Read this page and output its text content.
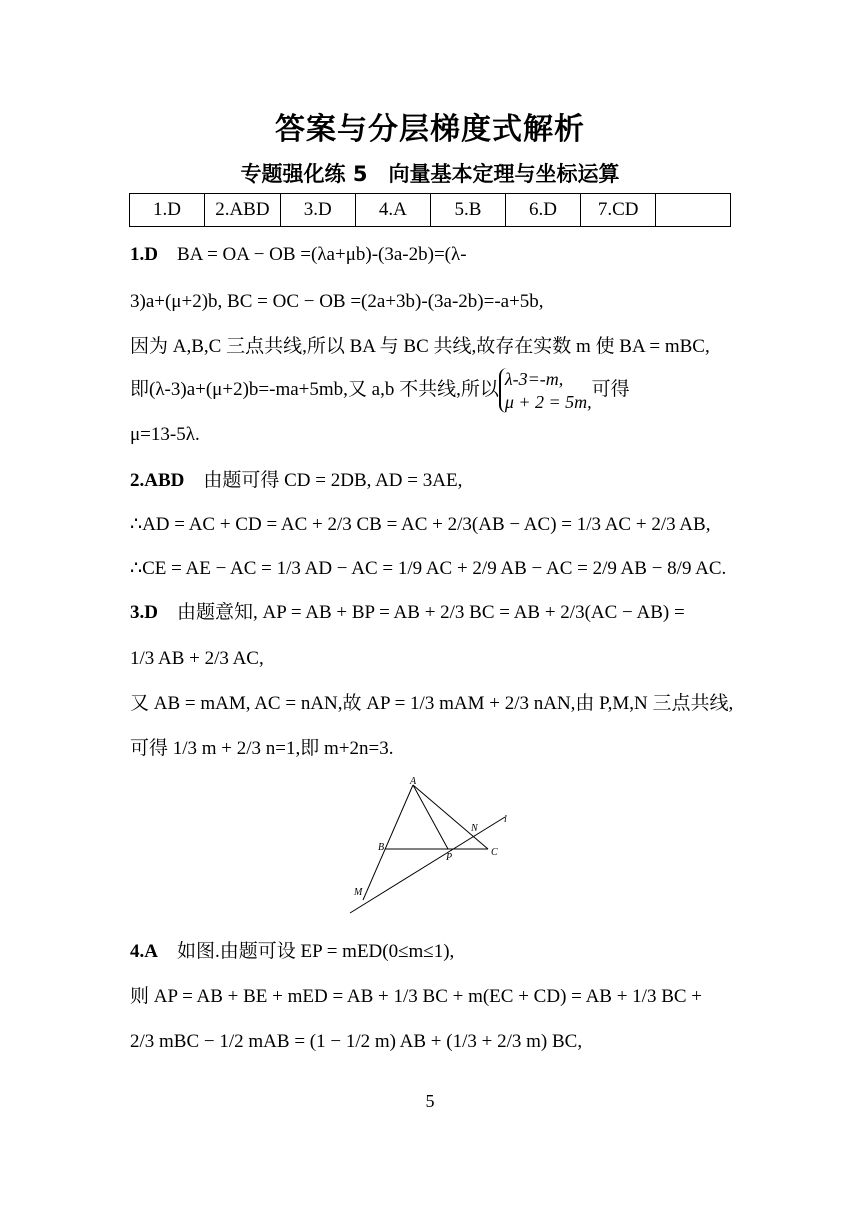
答案与分层梯度式解析
专题强化练 5　向量基本定理与坐标运算
1.D	2.ABD	3.D	4.A	5.B	6.D	7.CD	
1.D BA = OA − OB =(λa+μb)-(3a-2b)=(λ-
3)a+(μ+2)b, BC = OC − OB =(2a+3b)-(3a-2b)=-a+5b,
因为 A,B,C 三点共线,所以 BA 与 BC 共线,故存在实数 m 使 BA = mBC,
即(λ-3)a+(μ+2)b=-ma+5mb,又 a,b 不共线,所以 λ-3=-m,
μ + 2 = 5m,
可得
μ=13-5λ.
2.ABD 由题可得 CD = 2DB, AD = 3AE,
∴AD = AC + CD = AC + 2/3 CB = AC + 2/3(AB − AC) = 1/3 AC + 2/3 AB,
∴CE = AE − AC = 1/3 AD − AC = 1/9 AC + 2/9 AB − AC = 2/9 AB − 8/9 AC.
3.D 由题意知, AP = AB + BP = AB + 2/3 BC = AB + 2/3(AC − AB) =
1/3 AB + 2/3 AC,
又 AB = mAM, AC = nAN,故 AP = 1/3 mAM + 2/3 nAN,由 P,M,N 三点共线,
可得 1/3 m + 2/3 n=1,即 m+2n=3.
A
B
P
N
C
l
M
4.A 如图.由题可设 EP = mED(0≤m≤1),
则 AP = AB + BE + mED = AB + 1/3 BC + m(EC + CD) = AB + 1/3 BC +
2/3 mBC − 1/2 mAB = (1 − 1/2 m) AB + (1/3 + 2/3 m) BC,
5
